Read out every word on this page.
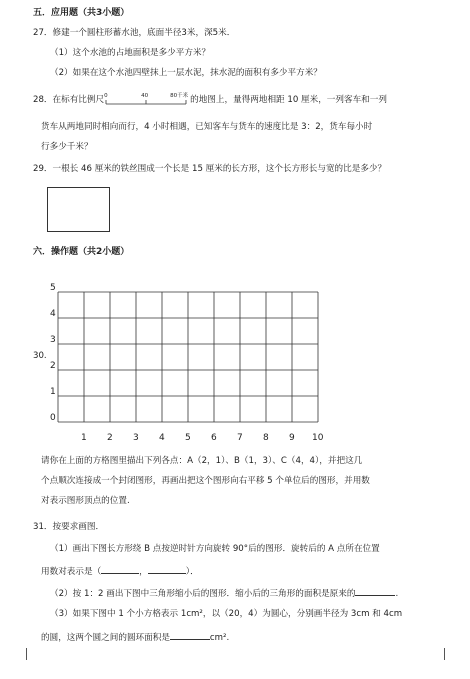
五．应用题（共3小题）
27．修建一个圆柱形蓄水池，底面半径3米，深5米．
（1）这个水池的占地面积是多少平方米？
（2）如果在这个水池四壁抹上一层水泥，抹水泥的面积有多少平方米？
28．在标有比例尺 0	40	80千米 的地图上，量得两地相距 10 厘米，一列客车和一列
货车从两地同时相向而行，4 小时相遇，已知客车与货车的速度比是 3：2，货车每小时
行多少千米？
29．一根长 46 厘米的铁丝围成一个长是 15 厘米的长方形，这个长方形长与宽的比是多少？
六．操作题（共2小题）
1 2 3 4 5 6 7 8 9 10
0
1
2
3
4
5
30.
请你在上面的方格图里描出下列各点：A（2，1）、B（1，3）、C（4，4），并把这几
个点顺次连接成一个封闭图形，再画出把这个图形向右平移 5 个单位后的图形，并用数
对表示图形顶点的位置.
31．按要求画图．
（1）画出下图长方形绕 B 点按逆时针方向旋转 90°后的图形．旋转后的 A 点所在位置
用数对表示是（	，	）．
（2）按 1：2 画出下图中三角形缩小后的图形．缩小后的三角形的面积是原来的	.
（3）如果下图中 1 个小方格表示 1cm²，以（20，4）为圆心，分别画半径为 3cm 和 4cm
的圆，这两个圆之间的圆环面积是	cm².
